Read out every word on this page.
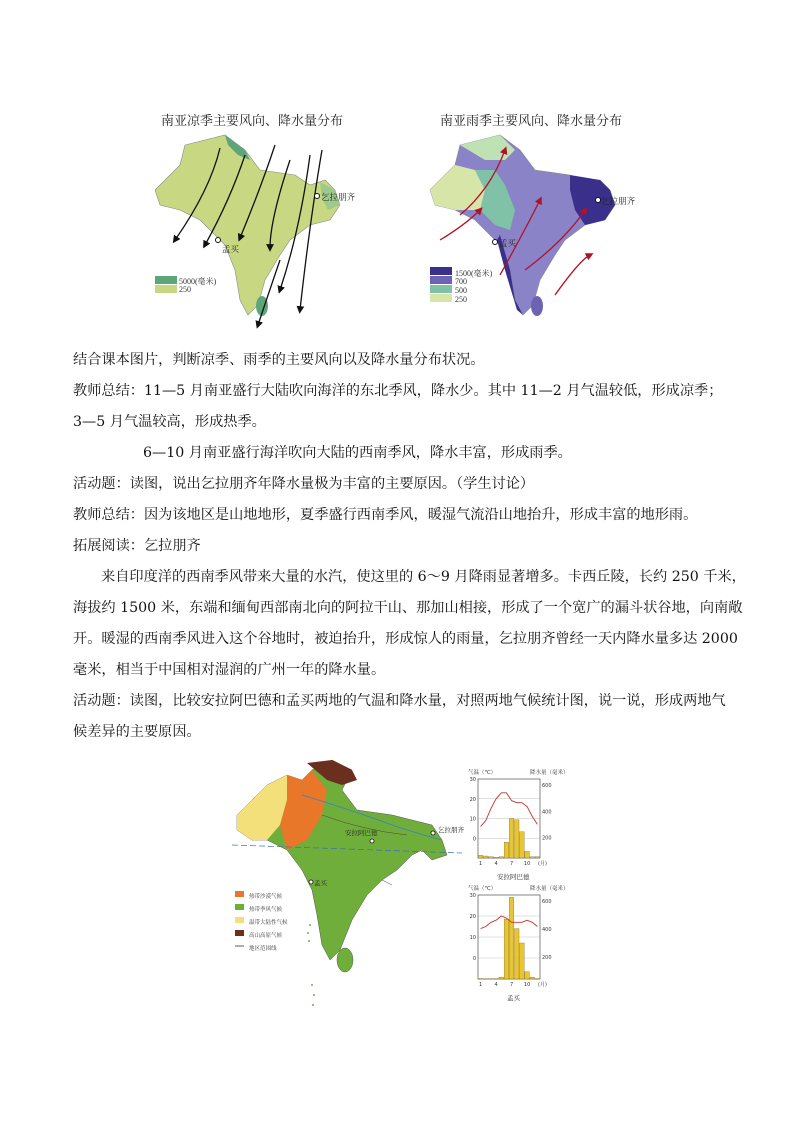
南亚凉季主要风向、降水量分布	南亚雨季主要风向、降水量分布
乞拉朋齐
孟买
5000(毫米)
250
乞拉朋齐
孟买
1500(毫米)
700
500
250
结合课本图片，判断凉季、雨季的主要风向以及降水量分布状况。
教师总结：11—5 月南亚盛行大陆吹向海洋的东北季风，降水少。其中 11—2 月气温较低，形成凉季；
3—5 月气温较高，形成热季。
6—10 月南亚盛行海洋吹向大陆的西南季风，降水丰富，形成雨季。
活动题：读图，说出乞拉朋齐年降水量极为丰富的主要原因。（学生讨论）
教师总结：因为该地区是山地地形，夏季盛行西南季风，暖湿气流沿山地抬升，形成丰富的地形雨。
拓展阅读：乞拉朋齐
来自印度洋的西南季风带来大量的水汽，使这里的 6～9 月降雨显著增多。卡西丘陵，长约 250 千米，
海拔约 1500 米，东端和缅甸西部南北向的阿拉干山、那加山相接，形成了一个宽广的漏斗状谷地，向南敞
开。暖湿的西南季风进入这个谷地时，被迫抬升，形成惊人的雨量，乞拉朋齐曾经一天内降水量多达 2000
毫米，相当于中国相对湿润的广州一年的降水量。
活动题：读图，比较安拉阿巴德和孟买两地的气温和降水量，对照两地气候统计图，说一说，形成两地气
候差异的主要原因。
安拉阿巴德	乞拉朋齐
孟买
热带沙漠气候
热带季风气候
温带大陆性气候
高山高原气候
地区范围线
气温（℃）	降水量（毫米）
30
20
10
0
600
400
200
1 4 7 10 (月)
安拉阿巴德
气温（℃）	降水量（毫米）
30
20
10
0
600
400
200
1 4 7 10 (月)
孟买
